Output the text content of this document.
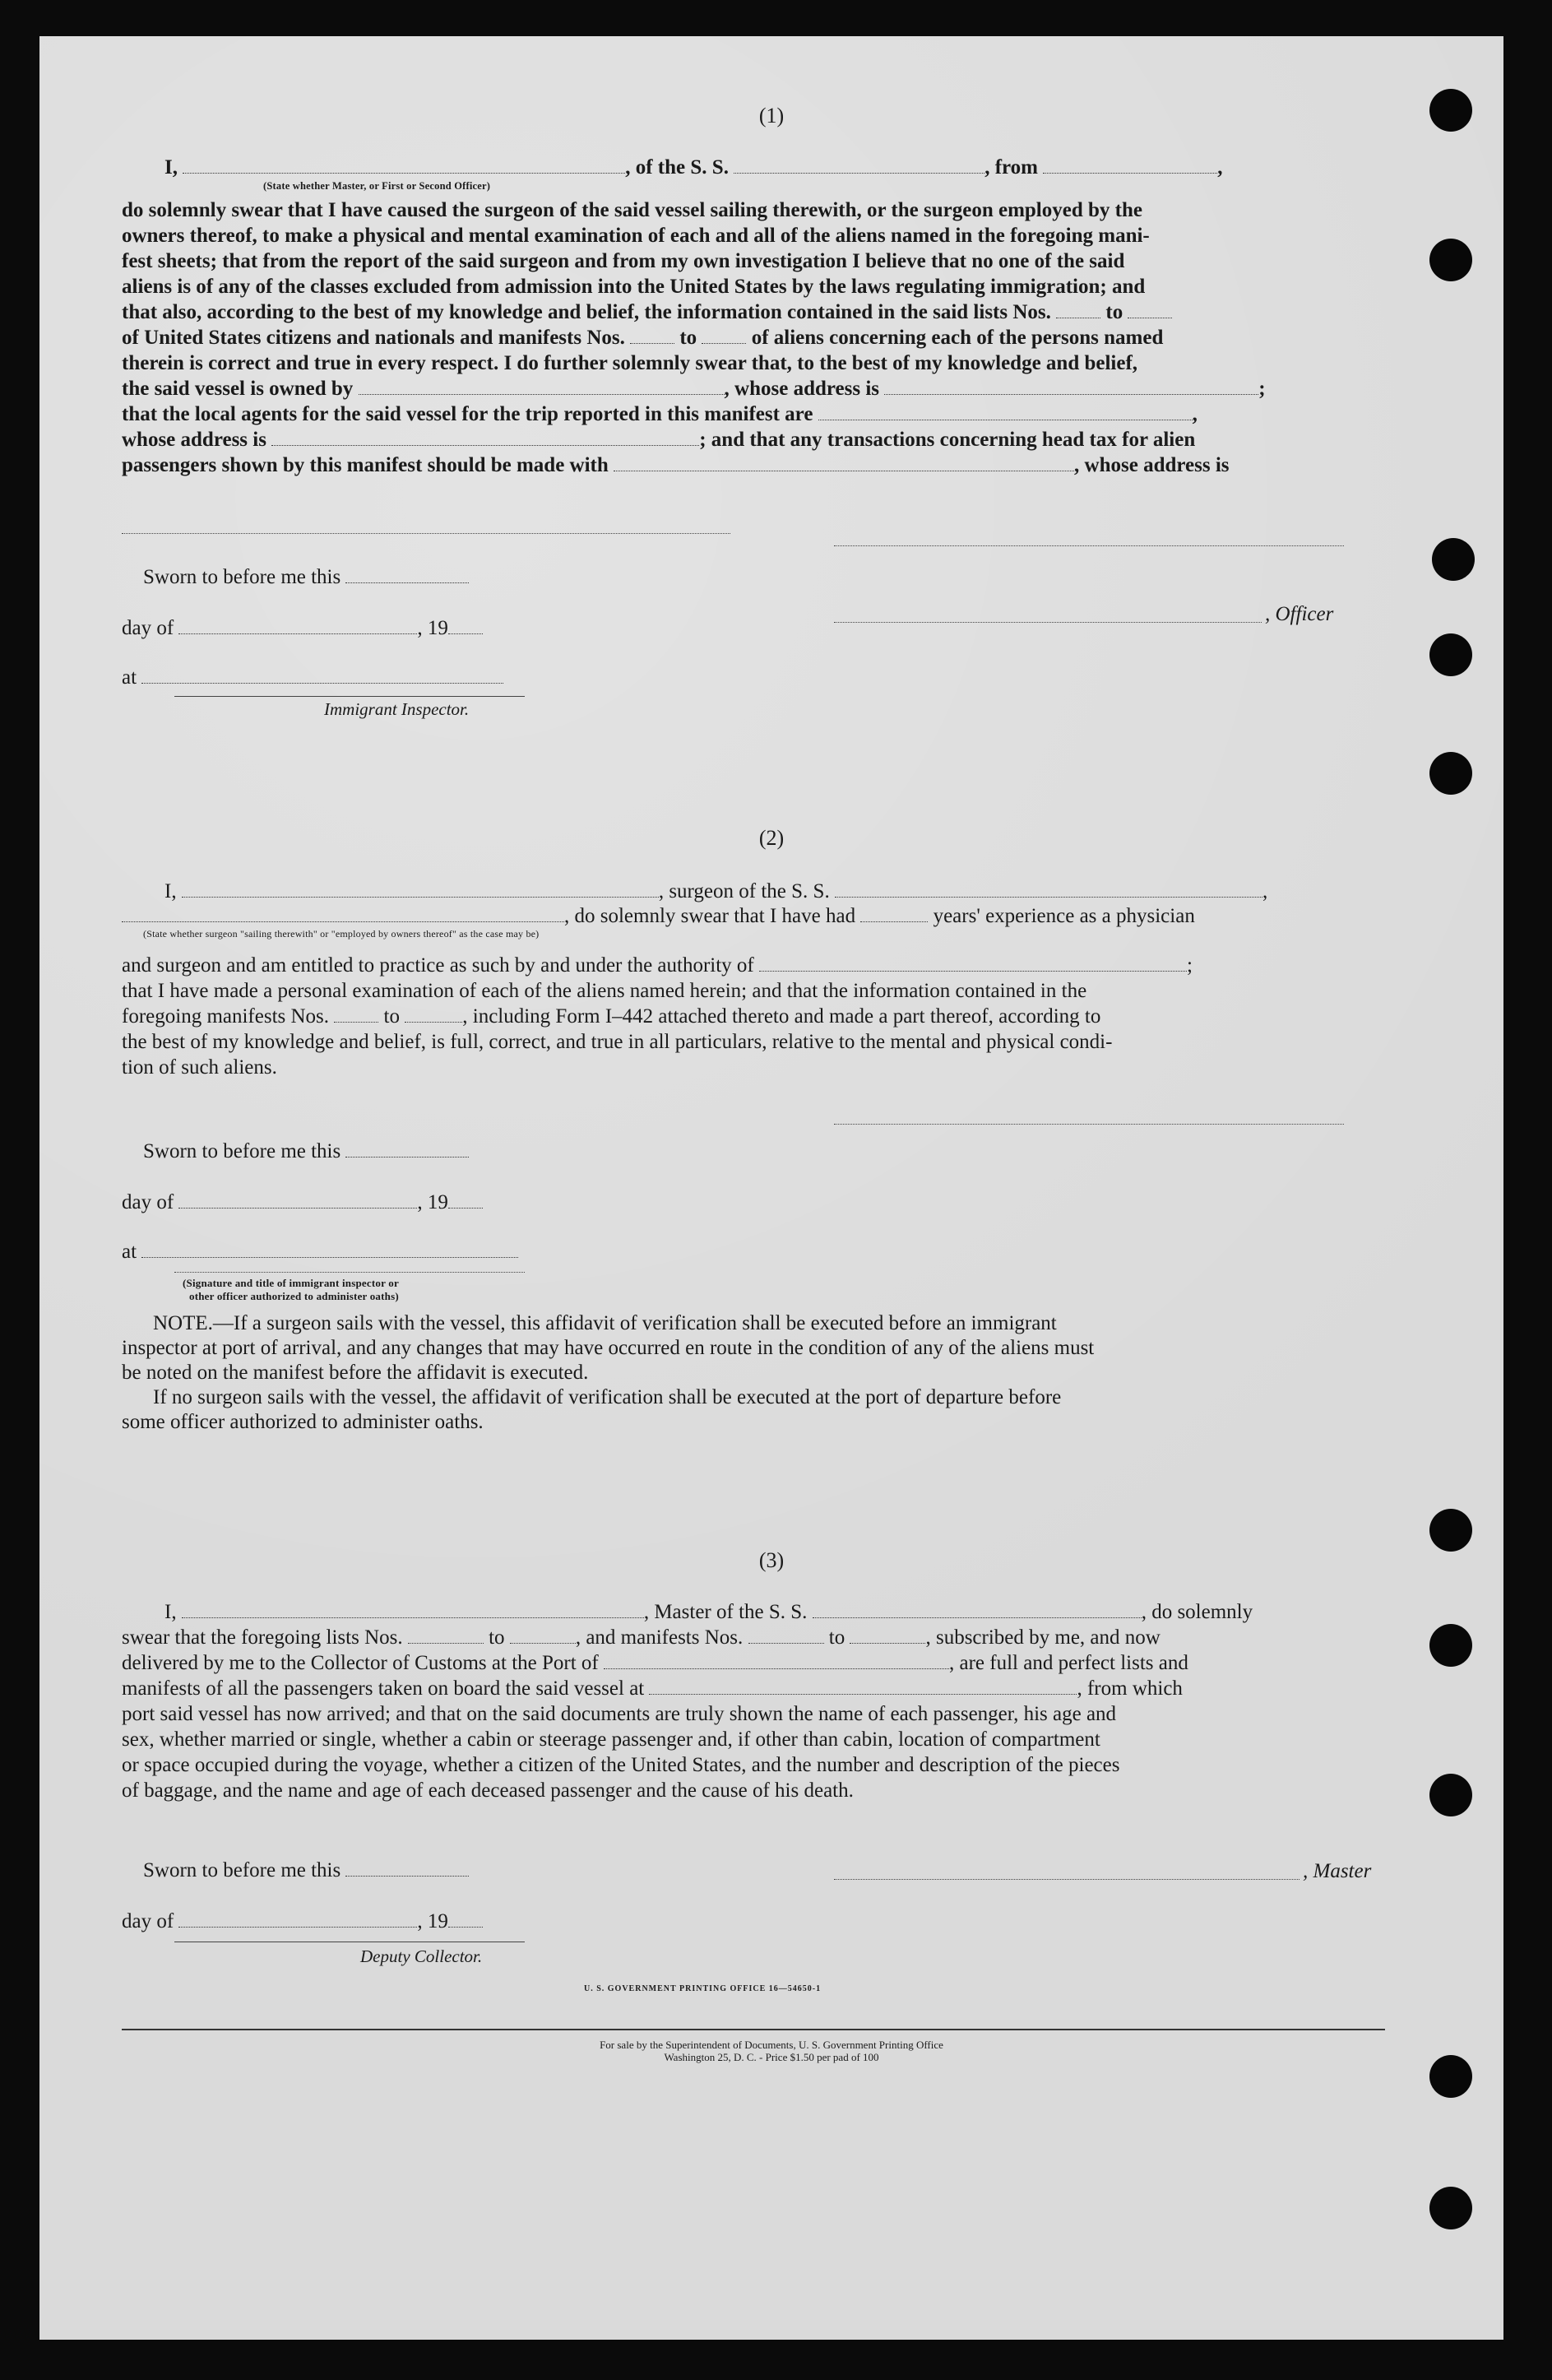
(1)
I,	, of the S. S.	, from	,
(State whether Master, or First or Second Officer)
do solemnly swear that I have caused the surgeon of the said vessel sailing therewith, or the surgeon employed by the
owners thereof, to make a physical and mental examination of each and all of the aliens named in the foregoing mani-
fest sheets; that from the report of the said surgeon and from my own investigation I believe that no one of the said
aliens is of any of the classes excluded from admission into the United States by the laws regulating immigration; and
that also, according to the best of my knowledge and belief, the information contained in the said lists Nos.	to
of United States citizens and nationals and manifests Nos.	to	of aliens concerning each of the persons named
therein is correct and true in every respect. I do further solemnly swear that, to the best of my knowledge and belief,
the said vessel is owned by	, whose address is	;
that the local agents for the said vessel for the trip reported in this manifest are	,
whose address is	; and that any transactions concerning head tax for alien
passengers shown by this manifest should be made with	, whose address is
Sworn to before me this
day of	, 19
at
Immigrant Inspector.
, Officer
(2)
I,	, surgeon of the S. S.	,
, do solemnly swear that I have had	years' experience as a physician
(State whether surgeon "sailing therewith" or "employed by owners thereof" as the case may be)
and surgeon and am entitled to practice as such by and under the authority of	;
that I have made a personal examination of each of the aliens named herein; and that the information contained in the
foregoing manifests Nos.	to	, including Form I–442 attached thereto and made a part thereof, according to
the best of my knowledge and belief, is full, correct, and true in all particulars, relative to the mental and physical condi-
tion of such aliens.
Sworn to before me this
day of	, 19
at
(Signature and title of immigrant inspector or
other officer authorized to administer oaths)
NOTE.—If a surgeon sails with the vessel, this affidavit of verification shall be executed before an immigrant
inspector at port of arrival, and any changes that may have occurred en route in the condition of any of the aliens must
be noted on the manifest before the affidavit is executed.
If no surgeon sails with the vessel, the affidavit of verification shall be executed at the port of departure before
some officer authorized to administer oaths.
(3)
I,	, Master of the S. S.	, do solemnly
swear that the foregoing lists Nos.	to	, and manifests Nos.	to	, subscribed by me, and now
delivered by me to the Collector of Customs at the Port of	, are full and perfect lists and
manifests of all the passengers taken on board the said vessel at	, from which
port said vessel has now arrived; and that on the said documents are truly shown the name of each passenger, his age and
sex, whether married or single, whether a cabin or steerage passenger and, if other than cabin, location of compartment
or space occupied during the voyage, whether a citizen of the United States, and the number and description of the pieces
of baggage, and the name and age of each deceased passenger and the cause of his death.
Sworn to before me this	, Master
day of	, 19
Deputy Collector.
U. S. GOVERNMENT PRINTING OFFICE 16—54650-1
For sale by the Superintendent of Documents, U. S. Government Printing Office
Washington 25, D. C. - Price $1.50 per pad of 100
